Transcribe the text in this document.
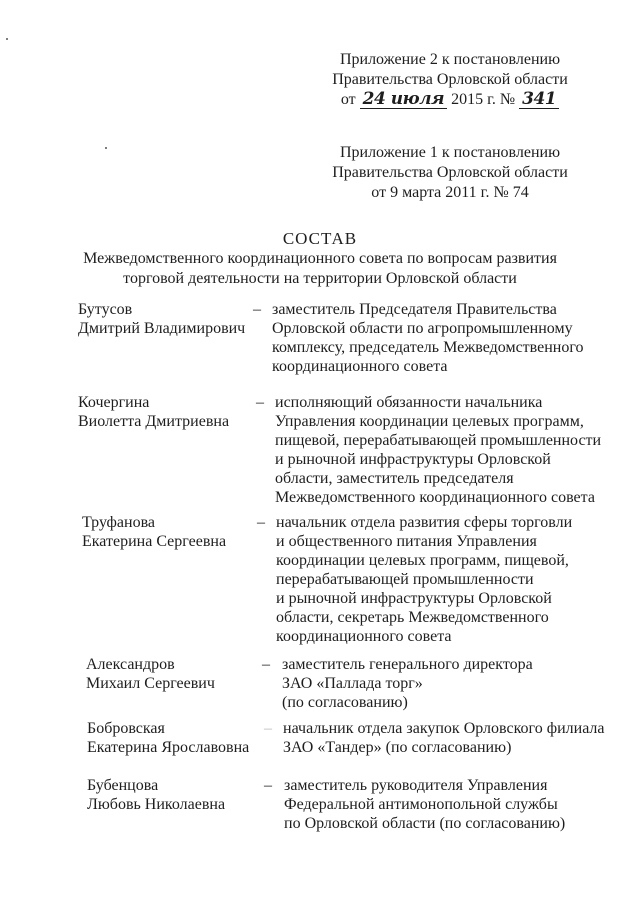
Приложение 2 к постановлению
Правительства Орловской области
от 24 июля 2015 г. № 341
Приложение 1 к постановлению
Правительства Орловской области
от 9 марта 2011 г. № 74
СОСТАВ
Межведомственного координационного совета по вопросам развития
торговой деятельности на территории Орловской области
Бутусов
Дмитрий Владимирович
– заместитель Председателя Правительства
Орловской области по агропромышленному
комплексу, председатель Межведомственного
координационного совета
Кочергина
Виолетта Дмитриевна
– исполняющий обязанности начальника
Управления координации целевых программ,
пищевой, перерабатывающей промышленности
и рыночной инфраструктуры Орловской
области, заместитель председателя
Межведомственного координационного совета
Труфанова
Екатерина Сергеевна
– начальник отдела развития сферы торговли
и общественного питания Управления
координации целевых программ, пищевой,
перерабатывающей промышленности
и рыночной инфраструктуры Орловской
области, секретарь Межведомственного
координационного совета
Александров
Михаил Сергеевич
– заместитель генерального директора
ЗАО «Паллада торг»
(по согласованию)
Бобровская
Екатерина Ярославовна
– начальник отдела закупок Орловского филиала
ЗАО «Тандер» (по согласованию)
Бубенцова
Любовь Николаевна
– заместитель руководителя Управления
Федеральной антимонопольной службы
по Орловской области (по согласованию)
